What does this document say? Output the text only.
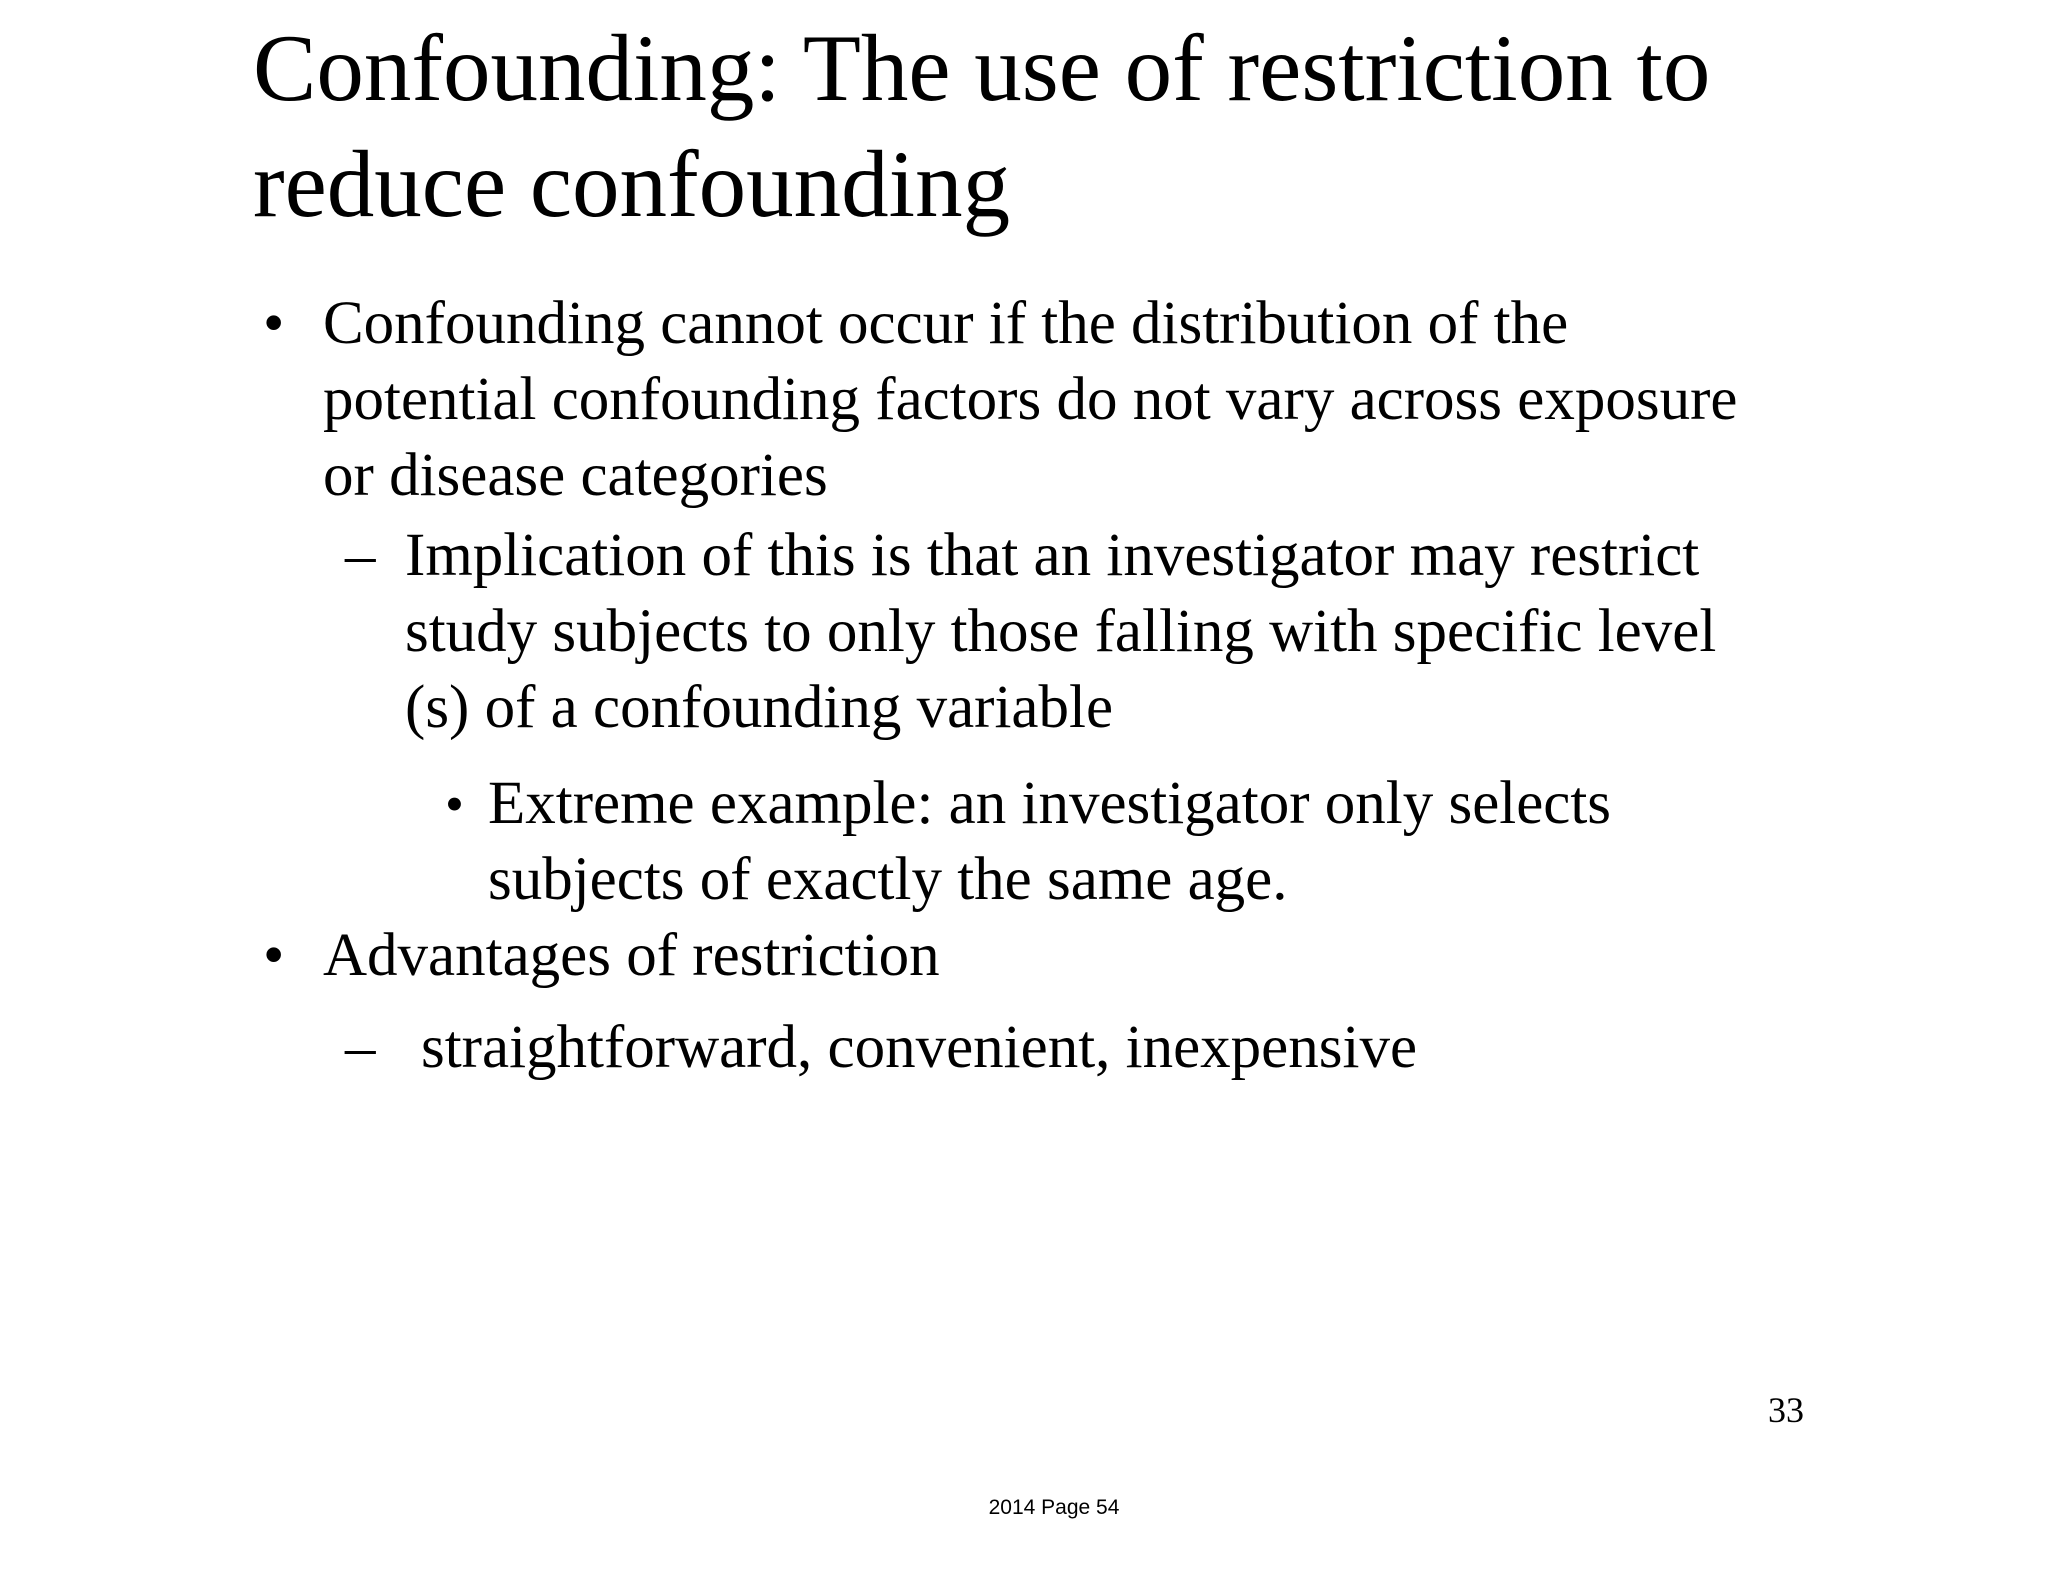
Confounding: The use of restriction to
reduce confounding
• Confounding cannot occur if the distribution of the
potential confounding factors do not vary across exposure
or disease categories
– Implication of this is that an investigator may restrict
study subjects to only those falling with specific level
(s) of a confounding variable
• Extreme example: an investigator only selects
subjects of exactly the same age.
• Advantages of restriction
– straightforward, convenient, inexpensive
33
2014 Page 54
